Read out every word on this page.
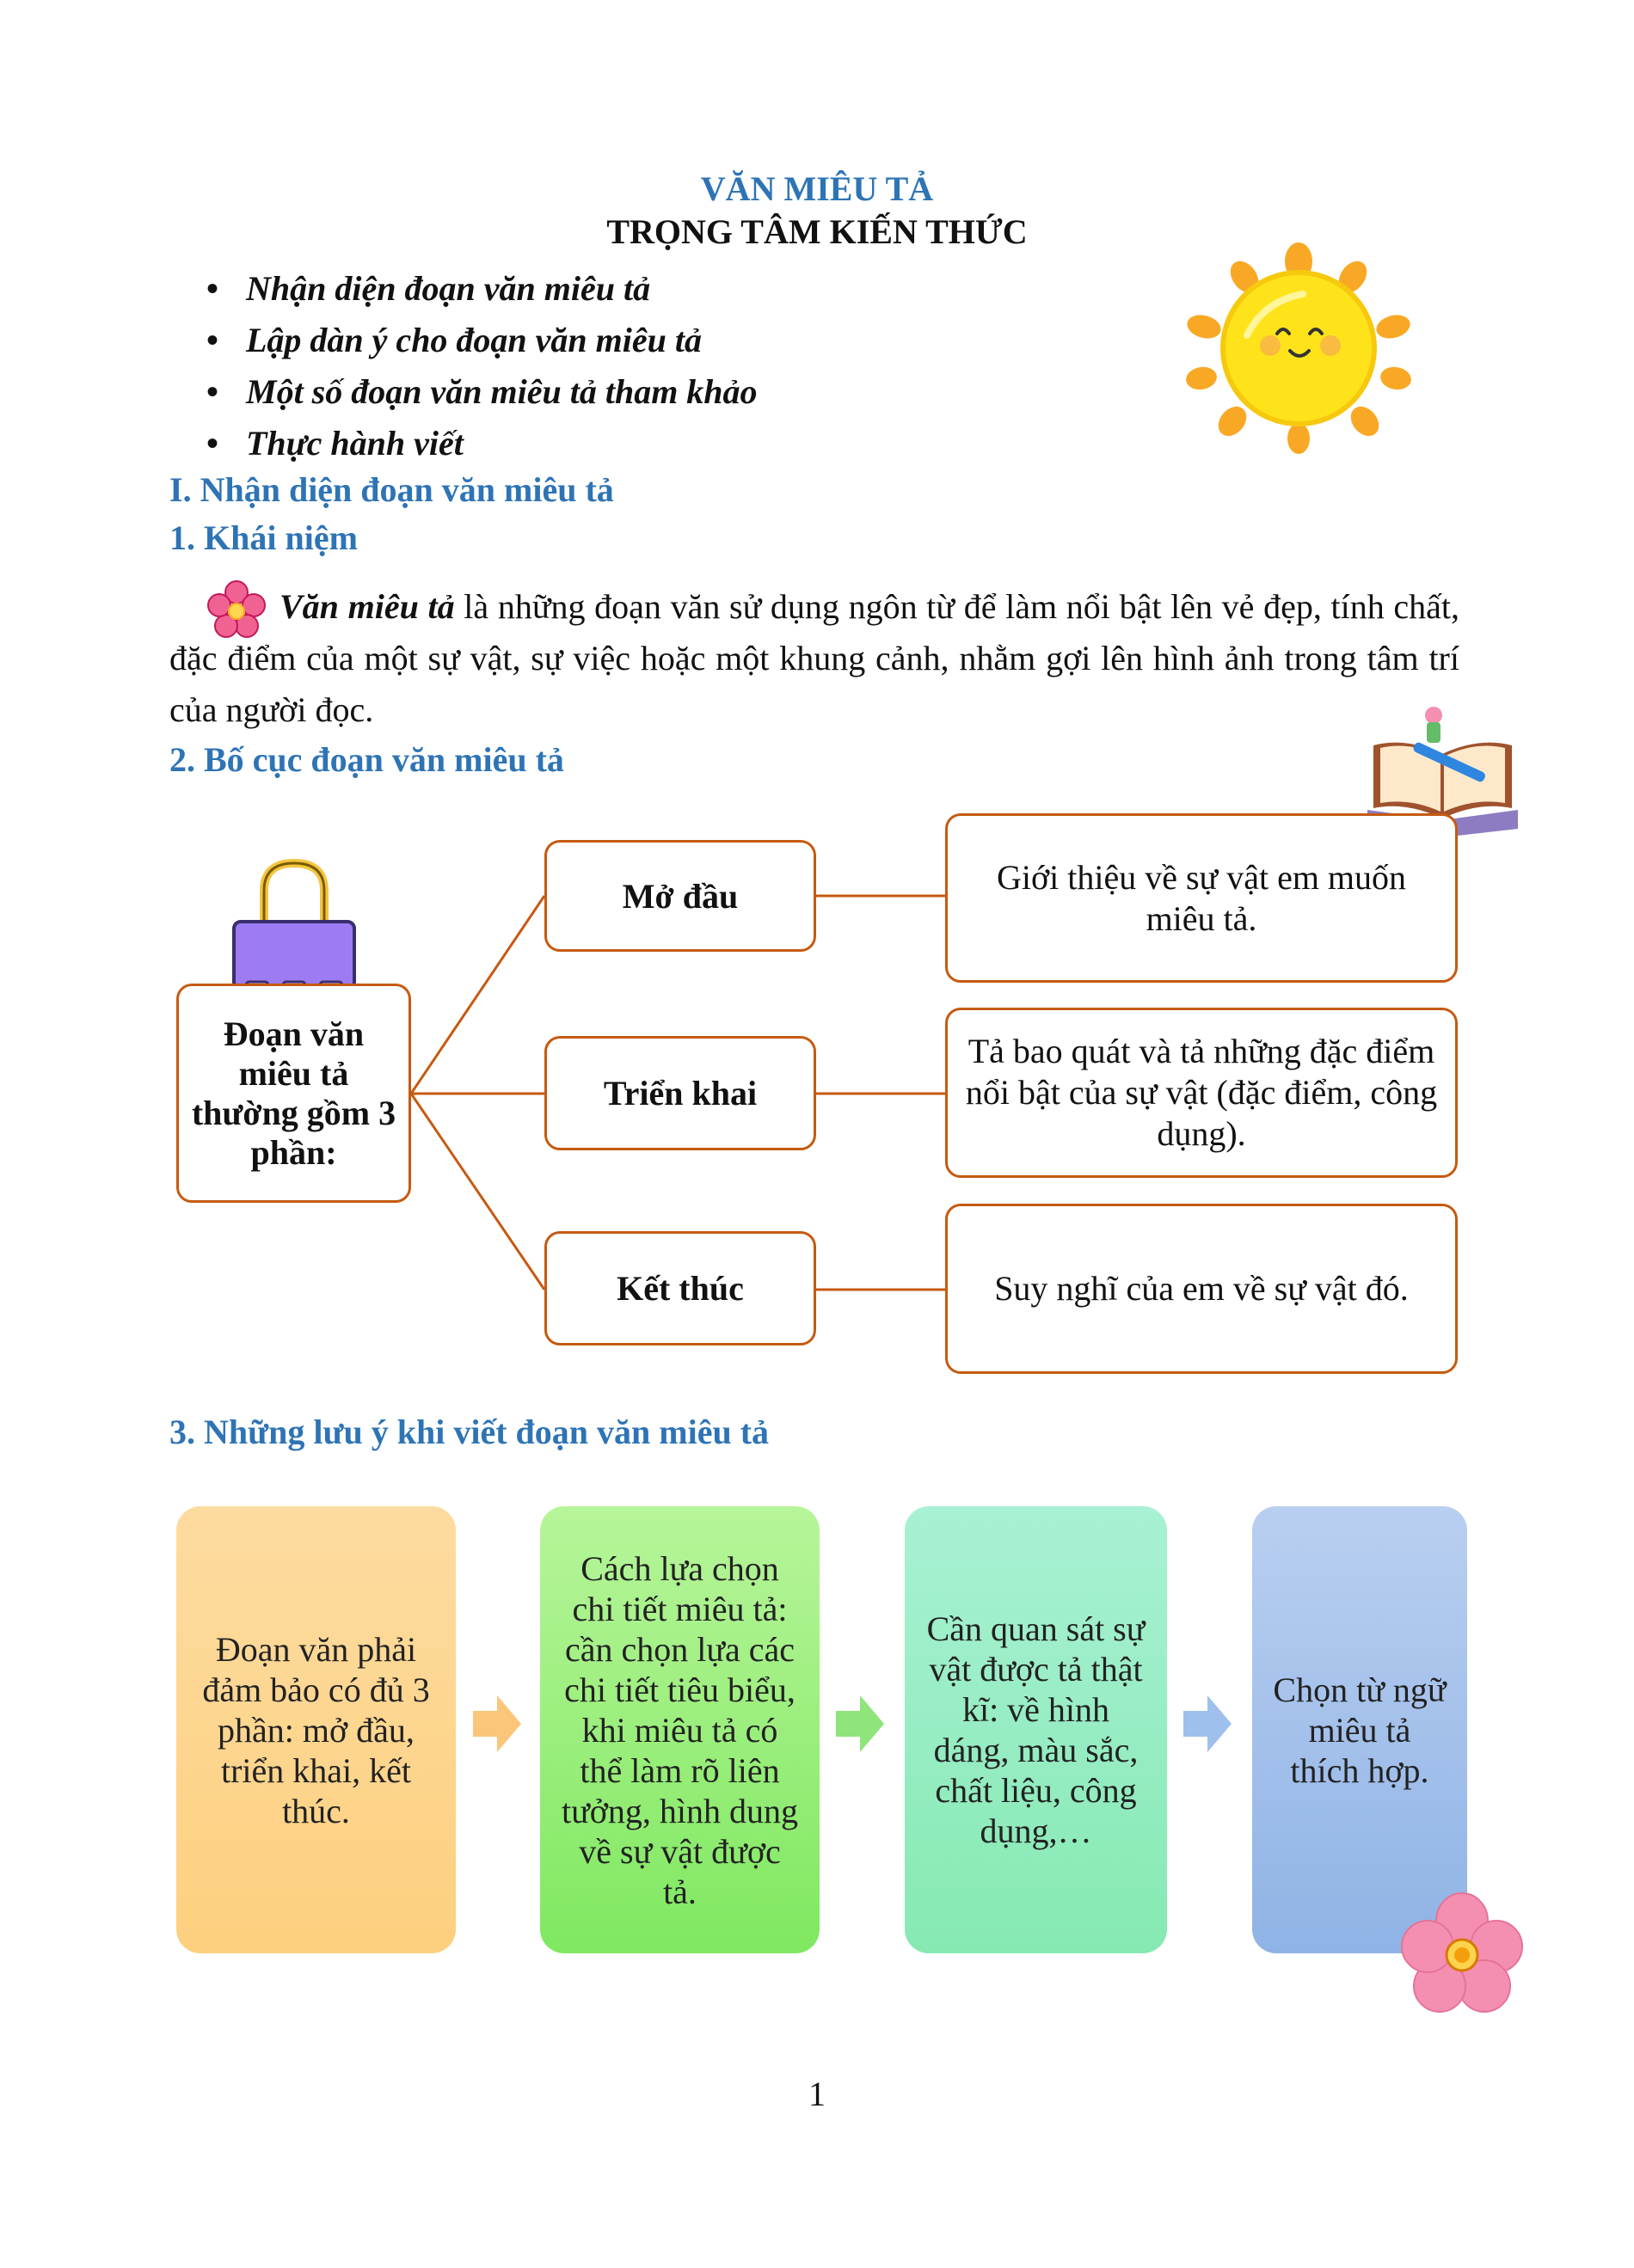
VĂN MIÊU TẢ
TRỌNG TÂM KIẾN THỨC
• Nhận diện đoạn văn miêu tả
• Lập dàn ý cho đoạn văn miêu tả
• Một số đoạn văn miêu tả tham khảo
• Thực hành viết
I. Nhận diện đoạn văn miêu tả
1. Khái niệm
Văn miêu tả là những đoạn văn sử dụng ngôn từ để làm nổi bật lên vẻ đẹp, tính chất, đặc điểm của một sự vật, sự việc hoặc một khung cảnh, nhằm gợi lên hình ảnh trong tâm trí của người đọc.
2. Bố cục đoạn văn miêu tả
Đoạn văn miêu tả thường gồm 3 phần:
Mở đầu
Triển khai
Kết thúc
Giới thiệu về sự vật em muốn miêu tả.
Tả bao quát và tả những đặc điểm nổi bật của sự vật (đặc điểm, công dụng).
Suy nghĩ của em về sự vật đó.
3. Những lưu ý khi viết đoạn văn miêu tả
Đoạn văn phải đảm bảo có đủ 3 phần: mở đầu, triển khai, kết thúc.
Cách lựa chọn chi tiết miêu tả: cần chọn lựa các chi tiết tiêu biểu, khi miêu tả có thể làm rõ liên tưởng, hình dung về sự vật được tả.
Cần quan sát sự vật được tả thật kĩ: về hình dáng, màu sắc, chất liệu, công dụng,…
Chọn từ ngữ miêu tả thích hợp.
1
